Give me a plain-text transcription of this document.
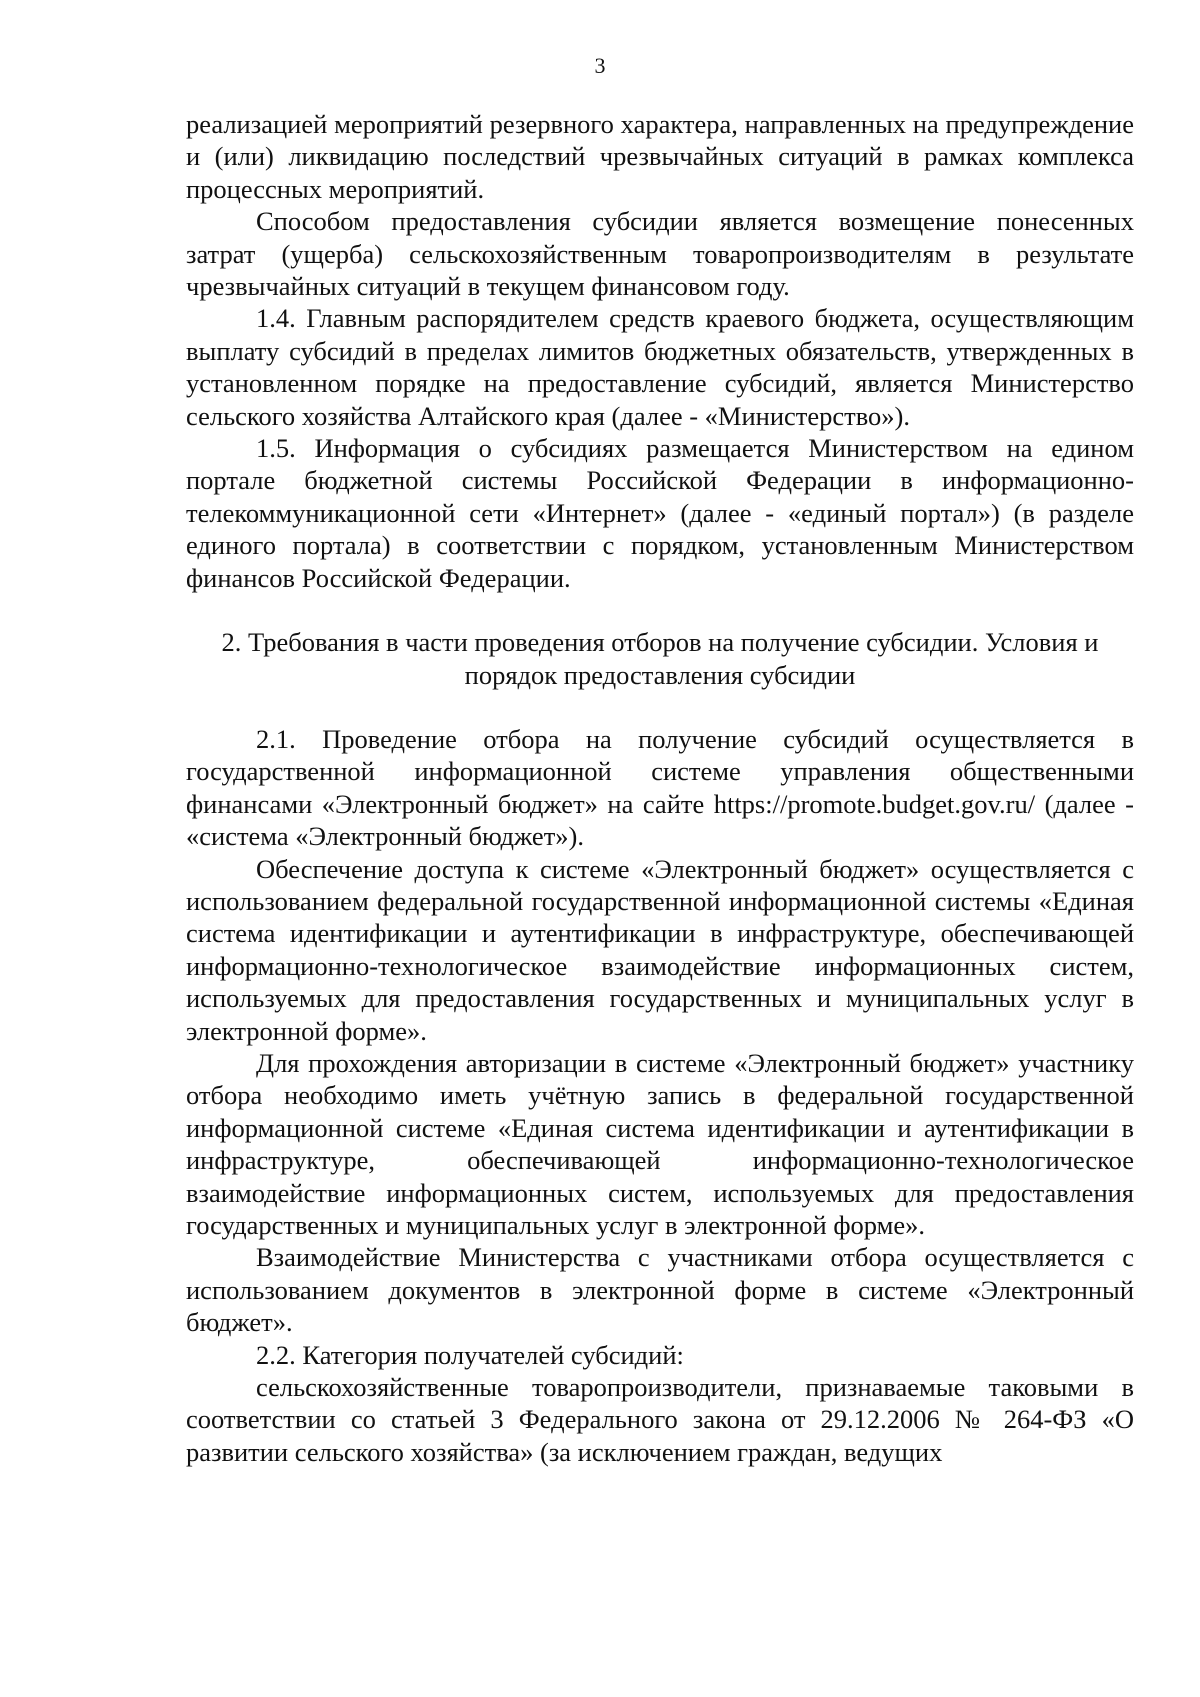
3

реализацией мероприятий резервного характера, направленных на предупреждение и (или) ликвидацию последствий чрезвычайных ситуаций в рамках комплекса процессных мероприятий.

Способом предоставления субсидии является возмещение понесенных затрат (ущерба) сельскохозяйственным товаропроизводителям в результате чрезвычайных ситуаций в текущем финансовом году.

1.4. Главным распорядителем средств краевого бюджета, осуществляющим выплату субсидий в пределах лимитов бюджетных обязательств, утвержденных в установленном порядке на предоставление субсидий, является Министерство сельского хозяйства Алтайского края (далее - «Министерство»).

1.5. Информация о субсидиях размещается Министерством на едином портале бюджетной системы Российской Федерации в информационно-телекоммуникационной сети «Интернет» (далее - «единый портал») (в разделе единого портала) в соответствии с порядком, установленным Министерством финансов Российской Федерации.

2. Требования в части проведения отборов на получение субсидии. Условия и
порядок предоставления субсидии

2.1. Проведение отбора на получение субсидий осуществляется в государственной информационной системе управления общественными финансами «Электронный бюджет» на сайте https://promote.budget.gov.ru/ (далее - «система «Электронный бюджет»).

Обеспечение доступа к системе «Электронный бюджет» осуществляется с использованием федеральной государственной информационной системы «Единая система идентификации и аутентификации в инфраструктуре, обеспечивающей информационно-технологическое взаимодействие информационных систем, используемых для предоставления государственных и муниципальных услуг в электронной форме».

Для прохождения авторизации в системе «Электронный бюджет» участнику отбора необходимо иметь учётную запись в федеральной государственной информационной системе «Единая система идентификации и аутентификации в инфраструктуре, обеспечивающей информационно-технологическое взаимодействие информационных систем, используемых для предоставления государственных и муниципальных услуг в электронной форме».

Взаимодействие Министерства с участниками отбора осуществляется с использованием документов в электронной форме в системе «Электронный бюджет».

2.2. Категория получателей субсидий:

сельскохозяйственные товаропроизводители, признаваемые таковыми в соответствии со статьей 3 Федерального закона от 29.12.2006 № 264-ФЗ «О развитии сельского хозяйства» (за исключением граждан, ведущих
